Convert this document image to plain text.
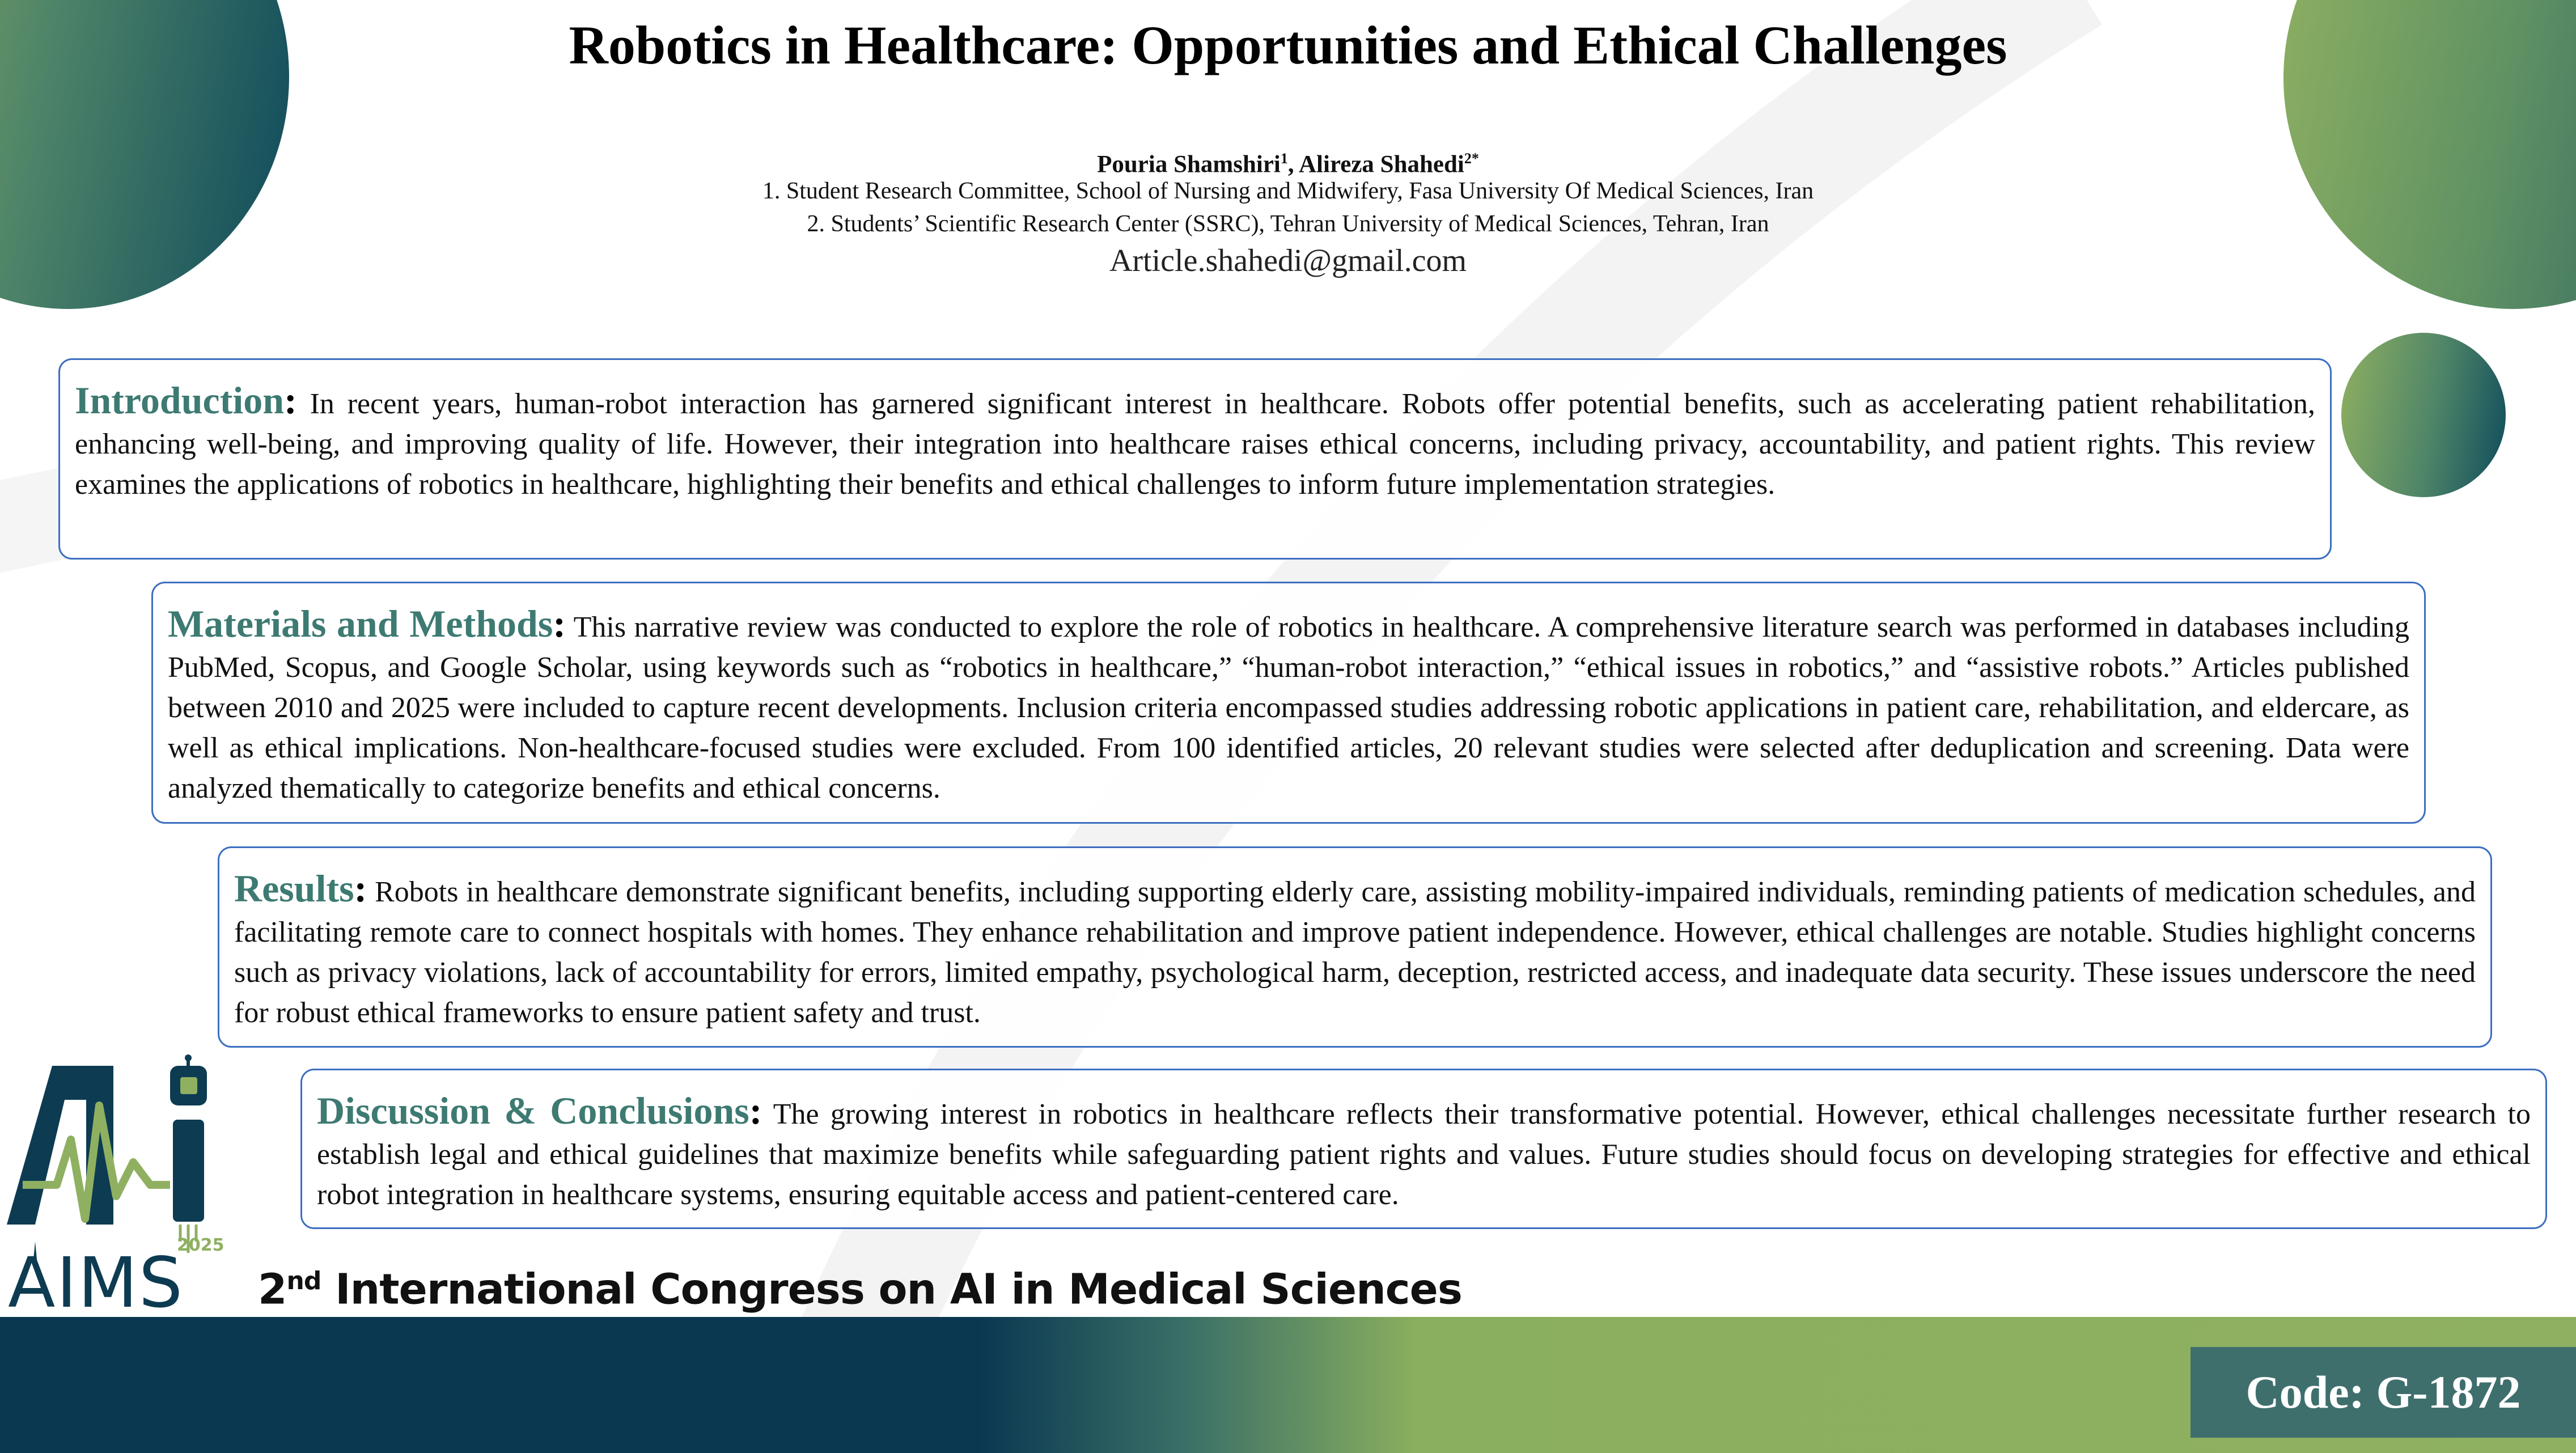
Robotics in Healthcare: Opportunities and Ethical Challenges
Pouria Shamshiri$^1$, Alireza Shahedi$^{2*}$
1. Student Research Committee, School of Nursing and Midwifery, Fasa University Of Medical Sciences, Iran
2. Students’ Scientific Research Center (SSRC), Tehran University of Medical Sciences, Tehran, Iran
Article.shahedi@gmail.com

Introduction: In recent years, human-robot interaction has garnered significant interest in healthcare. Robots offer potential benefits, such as accelerating patient rehabilitation, enhancing well-being, and improving quality of life. However, their integration into healthcare raises ethical concerns, including privacy, accountability, and patient rights. This review examines the applications of robotics in healthcare, highlighting their benefits and ethical challenges to inform future implementation strategies.

Materials and Methods: This narrative review was conducted to explore the role of robotics in healthcare. A comprehensive literature search was performed in databases including PubMed, Scopus, and Google Scholar, using keywords such as “robotics in healthcare,” “human-robot interaction,” “ethical issues in robotics,” and “assistive robots.” Articles published between 2010 and 2025 were included to capture recent developments. Inclusion criteria encompassed studies addressing robotic applications in patient care, rehabilitation, and eldercare, as well as ethical implications. Non-healthcare-focused studies were excluded. From 100 identified articles, 20 relevant studies were selected after deduplication and screening. Data were analyzed thematically to categorize benefits and ethical concerns.

Results: Robots in healthcare demonstrate significant benefits, including supporting elderly care, assisting mobility-impaired individuals, reminding patients of medication schedules, and facilitating remote care to connect hospitals with homes. They enhance rehabilitation and improve patient independence. However, ethical challenges are notable. Studies highlight concerns such as privacy violations, lack of accountability for errors, limited empathy, psychological harm, deception, restricted access, and inadequate data security. These issues underscore the need for robust ethical frameworks to ensure patient safety and trust.

Discussion & Conclusions: The growing interest in robotics in healthcare reflects their transformative potential. However, ethical challenges necessitate further research to establish legal and ethical guidelines that maximize benefits while safeguarding patient rights and values. Future studies should focus on developing strategies for effective and ethical robot integration in healthcare systems, ensuring equitable access and patient-centered care.

AIMS
2025
2nd International Congress on AI in Medical Sciences
Code: G-1872
